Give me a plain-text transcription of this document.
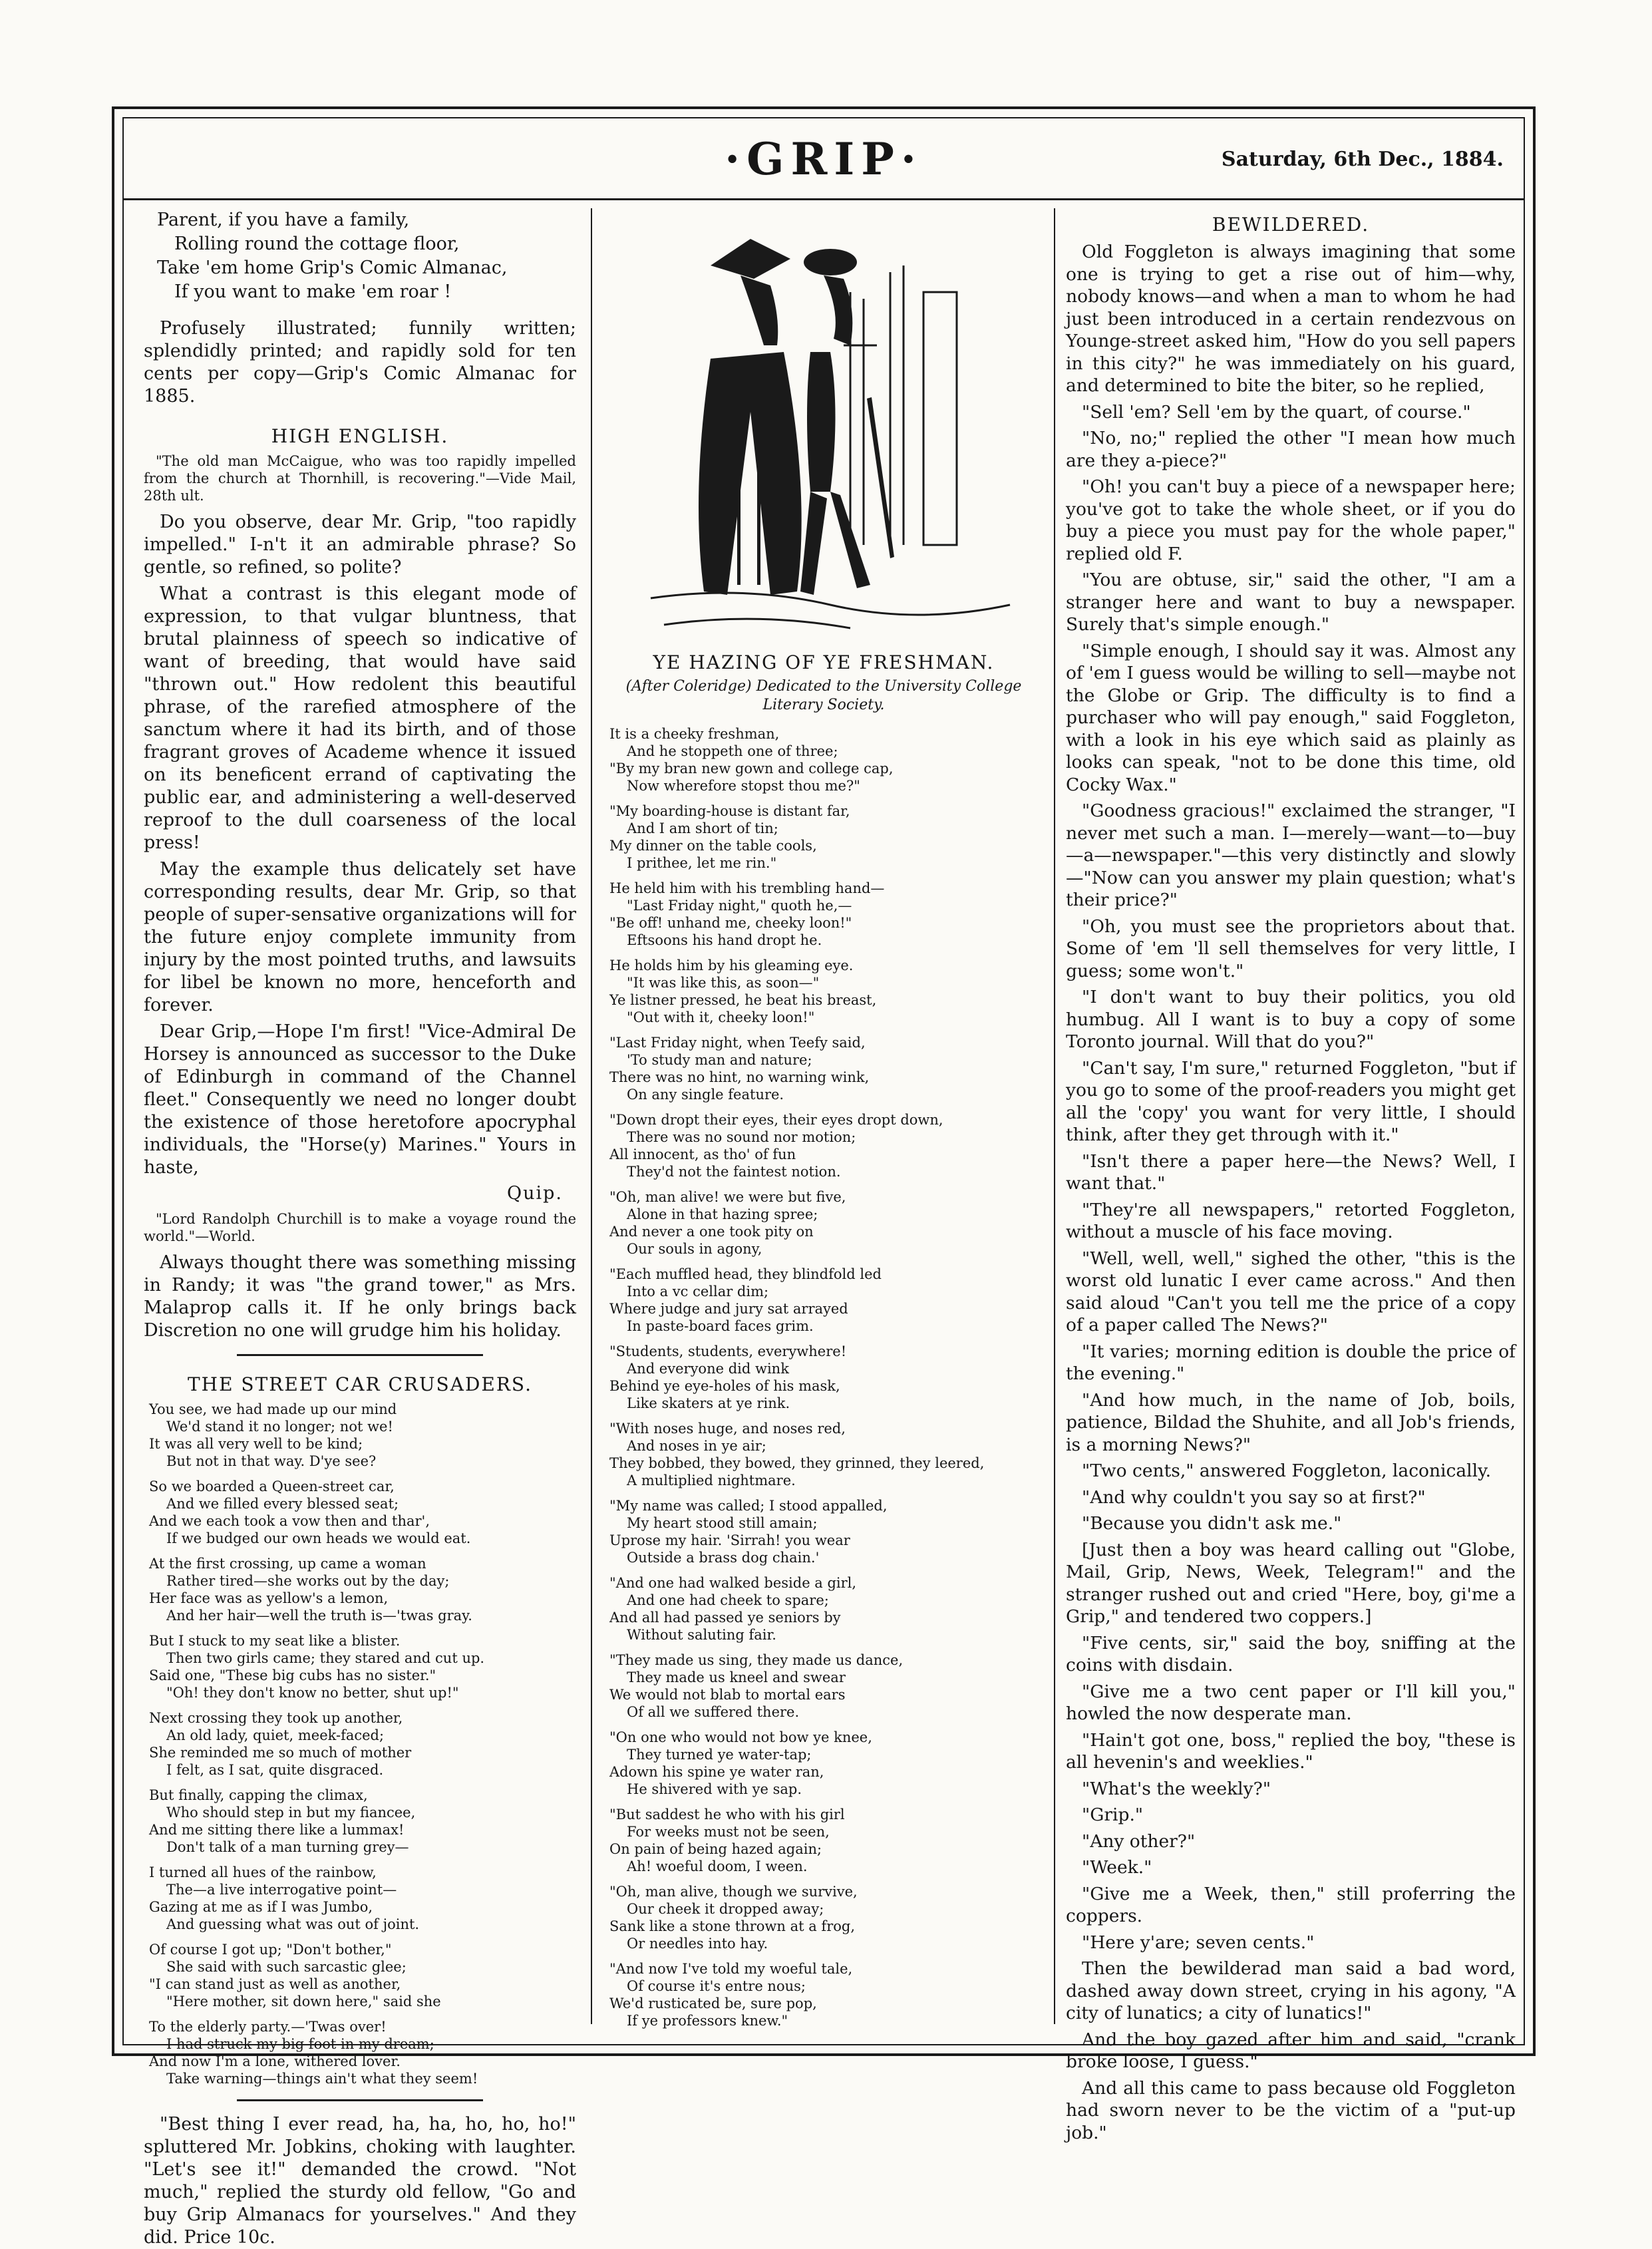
·GRIP·	Saturday, 6th Dec., 1884.
Parent, if you have a family,
Rolling round the cottage floor,
Take 'em home Grip's Comic Almanac,
If you want to make 'em roar !

Profusely illustrated; funnily written; splendidly printed; and rapidly sold for ten cents per copy—Grip's Comic Almanac for 1885.

HIGH ENGLISH.
"The old man McCaigue, who was too rapidly impelled from the church at Thornhill, is recovering."—Vide Mail, 28th ult.

Do you observe, dear Mr. Grip, "too rapidly impelled." I-n't it an admirable phrase? So gentle, so refined, so polite?

What a contrast is this elegant mode of expression, to that vulgar bluntness, that brutal plainness of speech so indicative of want of breeding, that would have said "thrown out." How redolent this beautiful phrase, of the rarefied atmosphere of the sanctum where it had its birth, and of those fragrant groves of Academe whence it issued on its beneficent errand of captivating the public ear, and administering a well-deserved reproof to the dull coarseness of the local press!

May the example thus delicately set have corresponding results, dear Mr. Grip, so that people of super-sensative organizations will for the future enjoy complete immunity from injury by the most pointed truths, and lawsuits for libel be known no more, henceforth and forever.

Dear Grip,—Hope I'm first! "Vice-Admiral De Horsey is announced as successor to the Duke of Edinburgh in command of the Channel fleet." Consequently we need no longer doubt the existence of those heretofore apocryphal individuals, the "Horse(y) Marines." Yours in haste,

Quip.
"Lord Randolph Churchill is to make a voyage round the world."—World.

Always thought there was something missing in Randy; it was "the grand tower," as Mrs. Malaprop calls it. If he only brings back Discretion no one will grudge him his holiday.

THE STREET CAR CRUSADERS.
You see, we had made up our mind
We'd stand it no longer; not we!
It was all very well to be kind;
But not in that way. D'ye see?
So we boarded a Queen-street car,
And we filled every blessed seat;
And we each took a vow then and thar',
If we budged our own heads we would eat.
At the first crossing, up came a woman
Rather tired—she works out by the day;
Her face was as yellow's a lemon,
And her hair—well the truth is—'twas gray.
But I stuck to my seat like a blister.
Then two girls came; they stared and cut up.
Said one, "These big cubs has no sister."
"Oh! they don't know no better, shut up!"
Next crossing they took up another,
An old lady, quiet, meek-faced;
She reminded me so much of mother
I felt, as I sat, quite disgraced.
But finally, capping the climax,
Who should step in but my fiancee,
And me sitting there like a lummax!
Don't talk of a man turning grey—
I turned all hues of the rainbow,
The—a live interrogative point—
Gazing at me as if I was Jumbo,
And guessing what was out of joint.
Of course I got up; "Don't bother,"
She said with such sarcastic glee;
"I can stand just as well as another,
"Here mother, sit down here," said she
To the elderly party.—'Twas over!
I had struck my big foot in my dream;
And now I'm a lone, withered lover.
Take warning—things ain't what they seem!

"Best thing I ever read, ha, ha, ho, ho, ho!" spluttered Mr. Jobkins, choking with laughter. "Let's see it!" demanded the crowd. "Not much," replied the sturdy old fellow, "Go and buy Grip Almanacs for yourselves." And they did. Price 10c.

YE HAZING OF YE FRESHMAN.
(After Coleridge) Dedicated to the University College Literary Society.
It is a cheeky freshman,
And he stoppeth one of three;
"By my bran new gown and college cap,
Now wherefore stopst thou me?"
"My boarding-house is distant far,
And I am short of tin;
My dinner on the table cools,
I prithee, let me rin."
He held him with his trembling hand—
"Last Friday night," quoth he,—
"Be off! unhand me, cheeky loon!"
Eftsoons his hand dropt he.
He holds him by his gleaming eye.
"It was like this, as soon—"
Ye listner pressed, he beat his breast,
"Out with it, cheeky loon!"
"Last Friday night, when Teefy said,
'To study man and nature;
There was no hint, no warning wink,
On any single feature.
"Down dropt their eyes, their eyes dropt down,
There was no sound nor motion;
All innocent, as tho' of fun
They'd not the faintest notion.
"Oh, man alive! we were but five,
Alone in that hazing spree;
And never a one took pity on
Our souls in agony,
"Each muffled head, they blindfold led
Into a vc cellar dim;
Where judge and jury sat arrayed
In paste-board faces grim.
"Students, students, everywhere!
And everyone did wink
Behind ye eye-holes of his mask,
Like skaters at ye rink.
"With noses huge, and noses red,
And noses in ye air;
They bobbed, they bowed, they grinned, they leered,
A multiplied nightmare.
"My name was called; I stood appalled,
My heart stood still amain;
Uprose my hair. 'Sirrah! you wear
Outside a brass dog chain.'
"And one had walked beside a girl,
And one had cheek to spare;
And all had passed ye seniors by
Without saluting fair.
"They made us sing, they made us dance,
They made us kneel and swear
We would not blab to mortal ears
Of all we suffered there.
"On one who would not bow ye knee,
They turned ye water-tap;
Adown his spine ye water ran,
He shivered with ye sap.
"But saddest he who with his girl
For weeks must not be seen,
On pain of being hazed again;
Ah! woeful doom, I ween.
"Oh, man alive, though we survive,
Our cheek it dropped away;
Sank like a stone thrown at a frog,
Or needles into hay.
"And now I've told my woeful tale,
Of course it's entre nous;
We'd rusticated be, sure pop,
If ye professors knew."
BEWILDERED.

Old Foggleton is always imagining that some one is trying to get a rise out of him—why, nobody knows—and when a man to whom he had just been introduced in a certain rendezvous on Younge-street asked him, "How do you sell papers in this city?" he was immediately on his guard, and determined to bite the biter, so he replied,

"Sell 'em? Sell 'em by the quart, of course."

"No, no;" replied the other "I mean how much are they a-piece?"

"Oh! you can't buy a piece of a newspaper here; you've got to take the whole sheet, or if you do buy a piece you must pay for the whole paper," replied old F.

"You are obtuse, sir," said the other, "I am a stranger here and want to buy a newspaper. Surely that's simple enough."

"Simple enough, I should say it was. Almost any of 'em I guess would be willing to sell—maybe not the Globe or Grip. The difficulty is to find a purchaser who will pay enough," said Foggleton, with a look in his eye which said as plainly as looks can speak, "not to be done this time, old Cocky Wax."

"Goodness gracious!" exclaimed the stranger, "I never met such a man. I—merely—want—to—buy—a—newspaper."—this very distinctly and slowly—"Now can you answer my plain question; what's their price?"

"Oh, you must see the proprietors about that. Some of 'em 'll sell themselves for very little, I guess; some won't."

"I don't want to buy their politics, you old humbug. All I want is to buy a copy of some Toronto journal. Will that do you?"

"Can't say, I'm sure," returned Foggleton, "but if you go to some of the proof-readers you might get all the 'copy' you want for very little, I should think, after they get through with it."

"Isn't there a paper here—the News? Well, I want that."

"They're all newspapers," retorted Foggleton, without a muscle of his face moving.

"Well, well, well," sighed the other, "this is the worst old lunatic I ever came across." And then said aloud "Can't you tell me the price of a copy of a paper called The News?"

"It varies; morning edition is double the price of the evening."

"And how much, in the name of Job, boils, patience, Bildad the Shuhite, and all Job's friends, is a morning News?"

"Two cents," answered Foggleton, laconically.

"And why couldn't you say so at first?"

"Because you didn't ask me."

[Just then a boy was heard calling out "Globe, Mail, Grip, News, Week, Telegram!" and the stranger rushed out and cried "Here, boy, gi'me a Grip," and tendered two coppers.]

"Five cents, sir," said the boy, sniffing at the coins with disdain.

"Give me a two cent paper or I'll kill you," howled the now desperate man.

"Hain't got one, boss," replied the boy, "these is all hevenin's and weeklies."

"What's the weekly?"

"Grip."

"Any other?"

"Week."

"Give me a Week, then," still proferring the coppers.

"Here y'are; seven cents."

Then the bewilderad man said a bad word, dashed away down street, crying in his agony, "A city of lunatics; a city of lunatics!"

And the boy gazed after him and said, "crank broke loose, I guess."

And all this came to pass because old Foggleton had sworn never to be the victim of a "put-up job."
